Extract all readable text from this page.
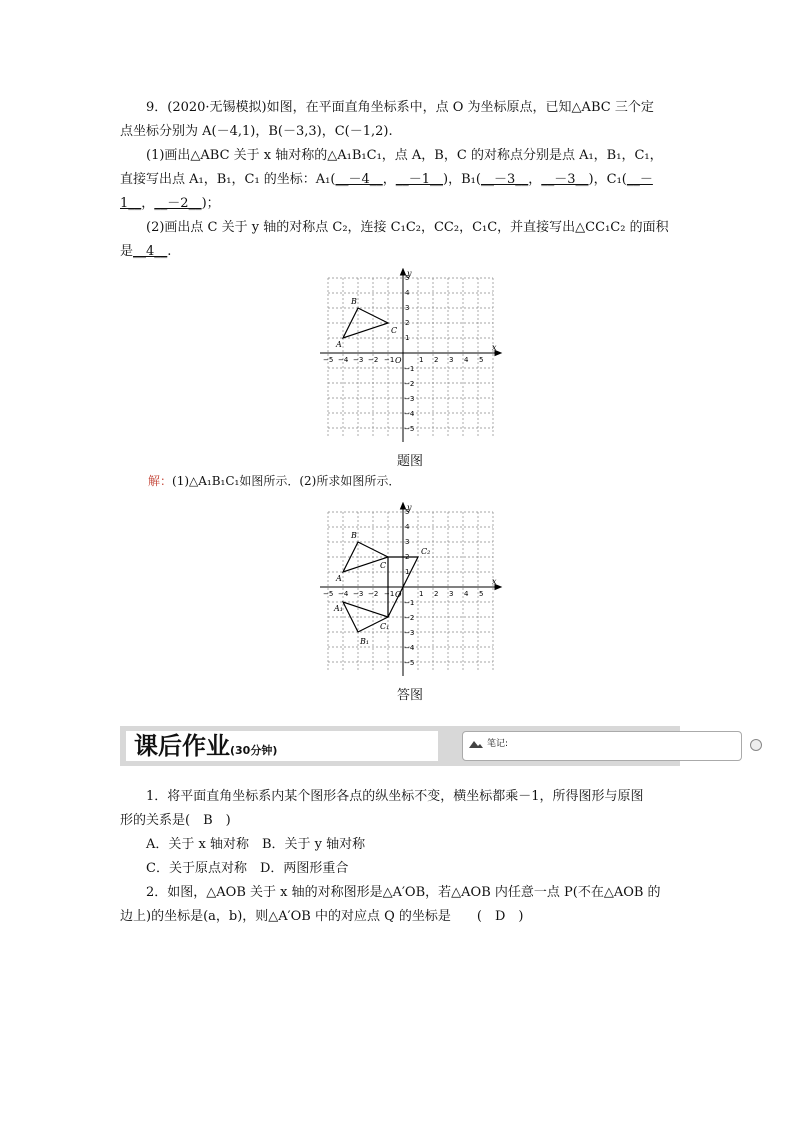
9．(2020·无锡模拟)如图，在平面直角坐标系中，点 O 为坐标原点，已知△ABC 三个定
点坐标分别为 A(－4,1)，B(－3,3)，C(－1,2).
(1)画出△ABC 关于 x 轴对称的△A₁B₁C₁，点 A，B，C 的对称点分别是点 A₁，B₁，C₁，
直接写出点 A₁，B₁，C₁ 的坐标：A₁(__－4__，__－1__)，B₁(__－3__，__－3__)，C₁(__－
1__，__－2__)；
(2)画出点 C 关于 y 轴的对称点 C₂，连接 C₁C₂，CC₂，C₁C，并直接写出△CC₁C₂ 的面积
是__4__.
A
B
C
O
x
y
−5 −4 −3 −2 −1	1 2 3 4 5
5
4
3
2
1
−1
−2
−3
−4
−5
题图
解：(1)△A₁B₁C₁如图所示．(2)所求如图所示．
A
B
C
A₁
B₁
C₁
C₂
O
x
y
−5 −4 −3 −2 −1	1 2 3 4 5
5
4
3
2
1
−1
−2
−3
−4
−5
答图
课后作业(30分钟)	笔记:
1．将平面直角坐标系内某个图形各点的纵坐标不变，横坐标都乘－1，所得图形与原图
形的关系是(　B　)
A．关于 x 轴对称　B．关于 y 轴对称
C．关于原点对称　D．两图形重合
2．如图，△AOB 关于 x 轴的对称图形是△A′OB，若△AOB 内任意一点 P(不在△AOB 的
边上)的坐标是(a，b)，则△A′OB 中的对应点 Q 的坐标是　　(　D　)
